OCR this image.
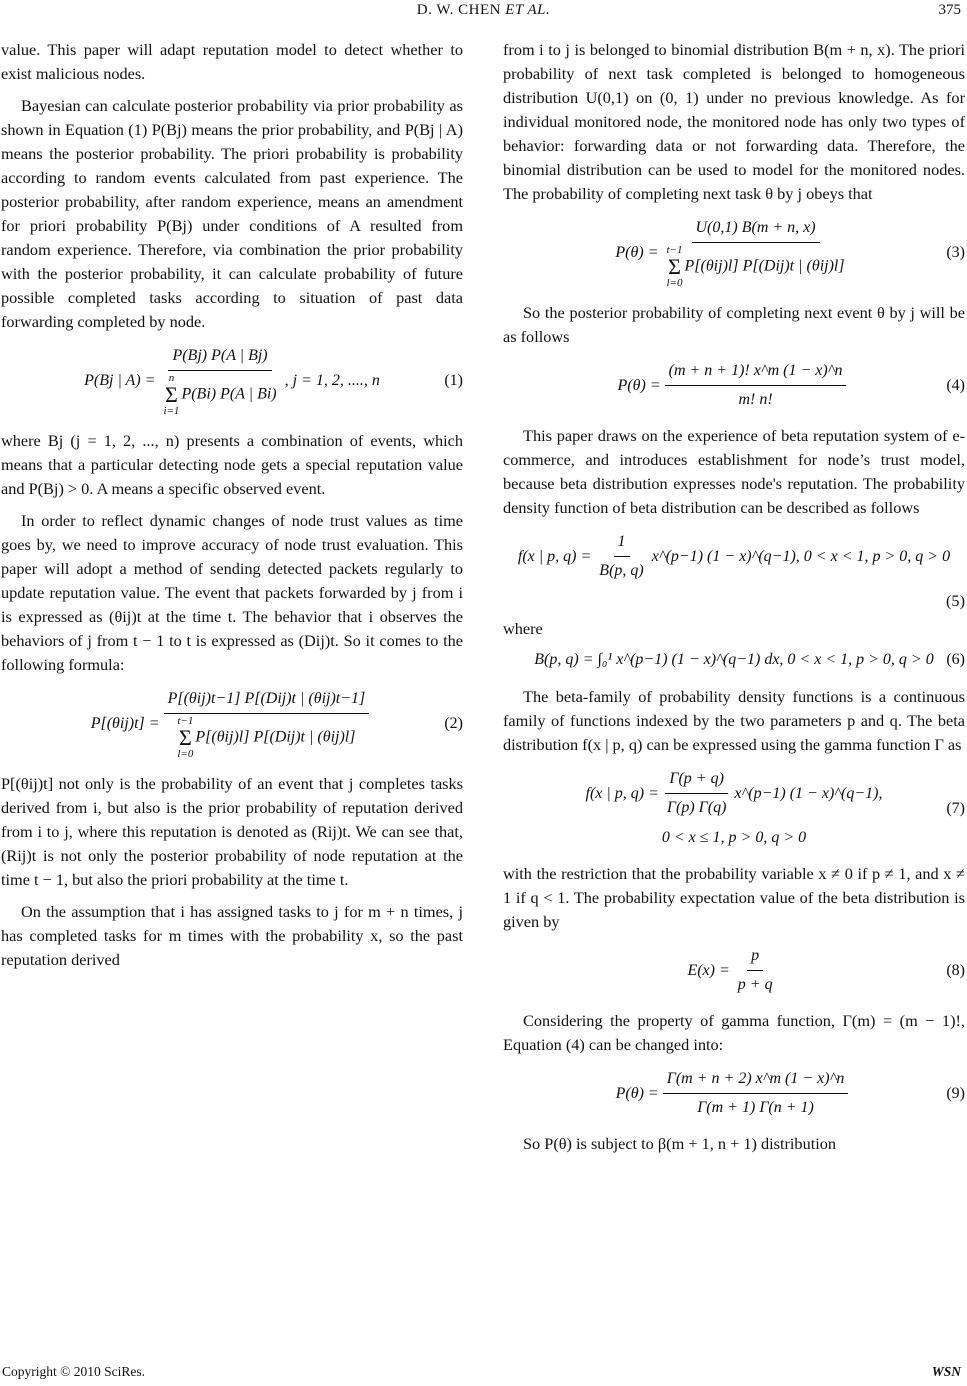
D. W. CHEN ET AL.	375

value. This paper will adapt reputation model to detect whether to exist malicious nodes.

Bayesian can calculate posterior probability via prior probability as shown in Equation (1) P(Bj) means the prior probability, and P(Bj | A) means the posterior probability. The priori probability is probability according to random events calculated from past experience. The posterior probability, after random experience, means an amendment for priori probability P(Bj) under conditions of A resulted from random experience. Therefore, via combination the prior probability with the posterior probability, it can calculate probability of future possible completed tasks according to situation of past data forwarding completed by node.

P(Bj | A) = P(Bj) P(A | Bj)
n
Σ
i=1
P(Bi) P(A | Bi) , j = 1, 2, ...., n	(1)

where Bj (j = 1, 2, ..., n) presents a combination of events, which means that a particular detecting node gets a special reputation value and P(Bj) > 0. A means a specific observed event.

In order to reflect dynamic changes of node trust values as time goes by, we need to improve accuracy of node trust evaluation. This paper will adopt a method of sending detected packets regularly to update reputation value. The event that packets forwarded by j from i is expressed as (θij)t at the time t. The behavior that i observes the behaviors of j from t − 1 to t is expressed as (Dij)t. So it comes to the following formula:

P[(θij)t] = P[(θij)t−1] P[(Dij)t | (θij)t−1]
t−1
Σ
l=0
P[(θij)l] P[(Dij)t | (θij)l]	(2)

P[(θij)t] not only is the probability of an event that j completes tasks derived from i, but also is the prior probability of reputation derived from i to j, where this reputation is denoted as (Rij)t. We can see that, (Rij)t is not only the posterior probability of node reputation at the time t − 1, but also the priori probability at the time t.

On the assumption that i has assigned tasks to j for m + n times, j has completed tasks for m times with the probability x, so the past reputation derived

from i to j is belonged to binomial distribution B(m + n, x). The priori probability of next task completed is belonged to homogeneous distribution U(0,1) on (0, 1) under no previous knowledge. As for individual monitored node, the monitored node has only two types of behavior: forwarding data or not forwarding data. Therefore, the binomial distribution can be used to model for the monitored nodes. The probability of completing next task θ by j obeys that

P(θ) = U(0,1) B(m + n, x)
t−1
Σ
l=0
P[(θij)l] P[(Dij)t | (θij)l]	(3)

So the posterior probability of completing next event θ by j will be as follows

$P(\theta) = \frac{(m + n + 1)! x\^{}m (1 - x)\^{}n}{m! n!}$	(4)

This paper draws on the experience of beta reputation system of e-commerce, and introduces establishment for node’s trust model, because beta distribution expresses node's reputation. The probability density function of beta distribution can be described as follows

f(x | p, $q) = \frac{1}{B(p, q)}$ x^(p−1) (1 − x)^(q−1), 0 < x < 1, p > 0, q > 0
(5)
where
B(p, q) = ∫₀¹ x^(p−1) (1 − x)^(q−1) dx, 0 < x < 1, p > 0, q > 0 (6)

The beta-family of probability density functions is a continuous family of functions indexed by the two parameters p and q. The beta distribution f(x | p, q) can be expressed using the gamma function Γ as

f(x | p, $q) = \frac{\Gamma(p + q)}{\Gamma(p) \Gamma(q)}$ x^(p−1) (1 − x)^(q−1),
0 < x ≤ 1, p > 0, q > 0
(7)

with the restriction that the probability variable x ≠ 0 if p ≠ 1, and x ≠ 1 if q < 1. The probability expectation value of the beta distribution is given by

$E(x) = \frac{p}{p + q}$	(8)

Considering the property of gamma function, Γ(m) = (m − 1)!, Equation (4) can be changed into:

$P(\theta) = \frac{\Gamma(m + n + 2) x\^{}m (1 - x)\^{}n}{\Gamma(m + 1) \Gamma(n + 1)}$	(9)

So P(θ) is subject to β(m + 1, n + 1) distribution

Copyright © 2010 SciRes.	WSN
